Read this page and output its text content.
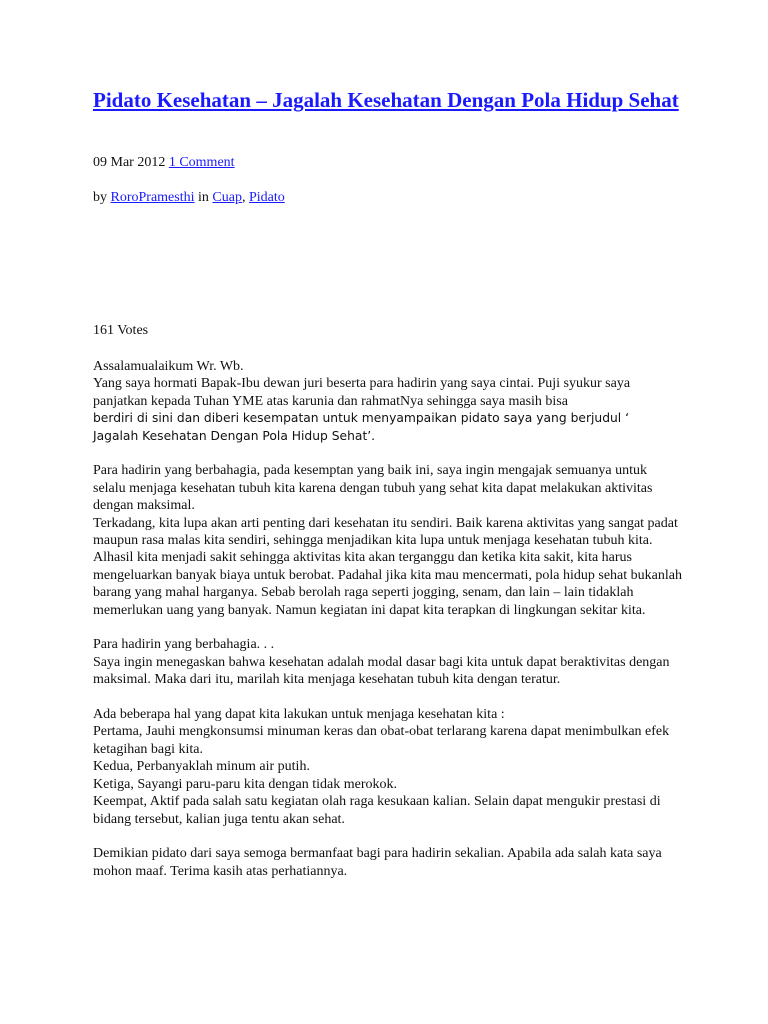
Pidato Kesehatan – Jagalah Kesehatan Dengan Pola Hidup Sehat
09 Mar 2012 1 Comment
by RoroPramesthi in Cuap, Pidato
161 Votes

Assalamualaikum Wr. Wb.
Yang saya hormati Bapak-Ibu dewan juri beserta para hadirin yang saya cintai. Puji syukur saya panjatkan kepada Tuhan YME atas karunia dan rahmatNya sehingga saya masih bisa
berdiri di sini dan diberi kesempatan untuk menyampaikan pidato saya yang berjudul ‘
Jagalah Kesehatan Dengan Pola Hidup Sehat’.

Para hadirin yang berbahagia, pada kesemptan yang baik ini, saya ingin mengajak semuanya untuk selalu menjaga kesehatan tubuh kita karena dengan tubuh yang sehat kita dapat melakukan aktivitas dengan maksimal.
Terkadang, kita lupa akan arti penting dari kesehatan itu sendiri. Baik karena aktivitas yang sangat padat maupun rasa malas kita sendiri, sehingga menjadikan kita lupa untuk menjaga kesehatan tubuh kita. Alhasil kita menjadi sakit sehingga aktivitas kita akan terganggu dan ketika kita sakit, kita harus mengeluarkan banyak biaya untuk berobat. Padahal jika kita mau mencermati, pola hidup sehat bukanlah barang yang mahal harganya. Sebab berolah raga seperti jogging, senam, dan lain – lain tidaklah memerlukan uang yang banyak. Namun kegiatan ini dapat kita terapkan di lingkungan sekitar kita.

Para hadirin yang berbahagia. . .
Saya ingin menegaskan bahwa kesehatan adalah modal dasar bagi kita untuk dapat beraktivitas dengan maksimal. Maka dari itu, marilah kita menjaga kesehatan tubuh kita dengan teratur.

Ada beberapa hal yang dapat kita lakukan untuk menjaga kesehatan kita :
Pertama, Jauhi mengkonsumsi minuman keras dan obat-obat terlarang karena dapat menimbulkan efek ketagihan bagi kita.
Kedua, Perbanyaklah minum air putih.
Ketiga, Sayangi paru-paru kita dengan tidak merokok.
Keempat, Aktif pada salah satu kegiatan olah raga kesukaan kalian. Selain dapat mengukir prestasi di bidang tersebut, kalian juga tentu akan sehat.

Demikian pidato dari saya semoga bermanfaat bagi para hadirin sekalian. Apabila ada salah kata saya mohon maaf. Terima kasih atas perhatiannya.
